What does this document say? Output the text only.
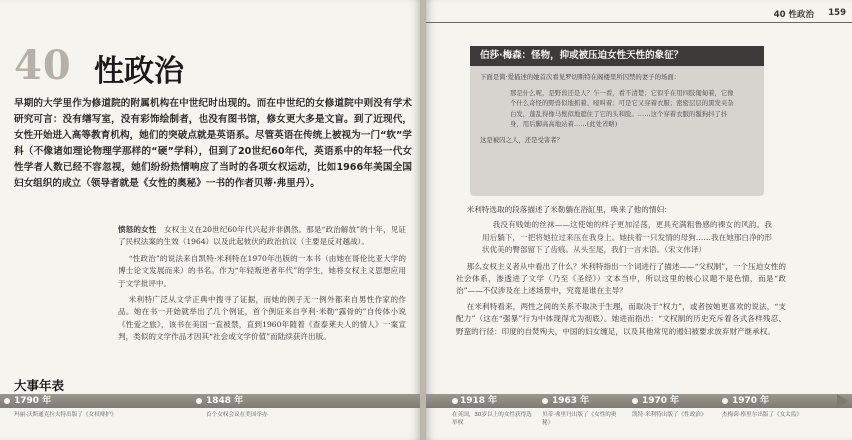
40 性政治
早期的大学里作为修道院的附属机构在中世纪时出现的。而在中世纪的女修道院中则没有学术研究可言：没有缮写室，没有彩饰绘制者，也没有图书馆，修女更大多是文盲。到了近现代，女性开始进入高等教育机构，她们的突破点就是英语系。尽管英语在传统上被视为一门“软”学科（不像诸如理论物理学那样的“硬”学科），但到了20世纪60年代，英语系中的年轻一代女性学者人数已经不容忽视，她们纷纷热情响应了当时的各项女权运动，比如1966年美国全国妇女组织的成立（领导者就是《女性的奥秘》一书的作者贝蒂·弗里丹）。

愤怒的女性　 女权主义在20世纪60年代兴起并非偶然。那是“政治解放”的十年，见证了民权法案的生效（1964）以及此起彼伏的政治抗议（主要是反对越战）。

“性政治”的说法来自凯特·米利特在1970年出版的一本书（由她在哥伦比亚大学的博士论文发展而来）的书名。作为“年轻叛逆者年代”的学生，她将女权主义思想应用于文学批评中。

米利特广泛从文学正典中搜寻了证据，而她的例子无一例外都来自男性作家的作品。她在书一开始就举出了几个例证，首个例证来自亨利·米勒“露骨的”自传体小说《性爱之旅》，该书在美国一直被禁，直到1960年随着《查泰莱夫人的情人》一案宣判，类似的文学作品才因其“社会或文学价值”而陆续获许出版。

大事年表
1790 年
玛丽·沃斯通克拉夫特出版了《女权辩护》
1848 年
首个女权会议在美国举办
40 性政治 159
伯莎·梅森：怪物，抑或被压迫女性天性的象征？
下面是简·爱描述的她首次看见罗切斯特在阁楼里所囚禁的妻子的场面：
那是什么呢，是野兽还是人？乍一看，看不清楚；它似乎在用四肢匍匐着，它像个什么奇怪的野兽似地抓着、嚎叫着；可是它又穿着衣服；密密层层的黑发夹杂白发，蓬乱得像马鬃似地遮住了它的头和脸。……这个穿着衣服的鬣狗抖了抖身，用后脚高高地站着……(此处省略)
这是被囚之人，还是受害者？

米利特选取的段落描述了米勒躺在浴缸里，唤来了他的情妇：

我没有贱她的丝袜——这使她的样子更加淫荡，更具充满粗鲁感的裸女的风韵。我用后躺下，一把将她拉过来压在我身上。她扶着一只发情的母狗……我在她那白净的形状优美的臀部留下了齿痕。从头至尾，我们一言未语。（宋文伟译）

那么女权主义者从中看出了什么？米利特指出一个词进行了描述——“父权制”，一个压迫女性的社会体系，渗透进了文学（乃至《圣经》）文本当中，所以这里的核心议题不是色情，而是“政治”——不仅涉及在上述场景中，究竟是谁在主导？

在米利特看来，两性之间的关系不取决于生理，而取决于“权力”，或者按她更喜欢的说法，“支配力”（这在“强暴”行为中体现得尤为彻底）。她进而指出：“文权制的历史充斥着各式各样残忍、野蛮的行径：印度的自焚殉夫，中国的妇女缠足，以及其他常见的遏妇被要求放弃财产继承权。

1918 年
在英国，30岁以上的女性获得选举权
1963 年
贝蒂·弗里丹出版了《女性的奥秘》
1970 年
凯特·米利特出版了《性政治》
1970 年
杰梅茵·格里尔出版了《女太监》
